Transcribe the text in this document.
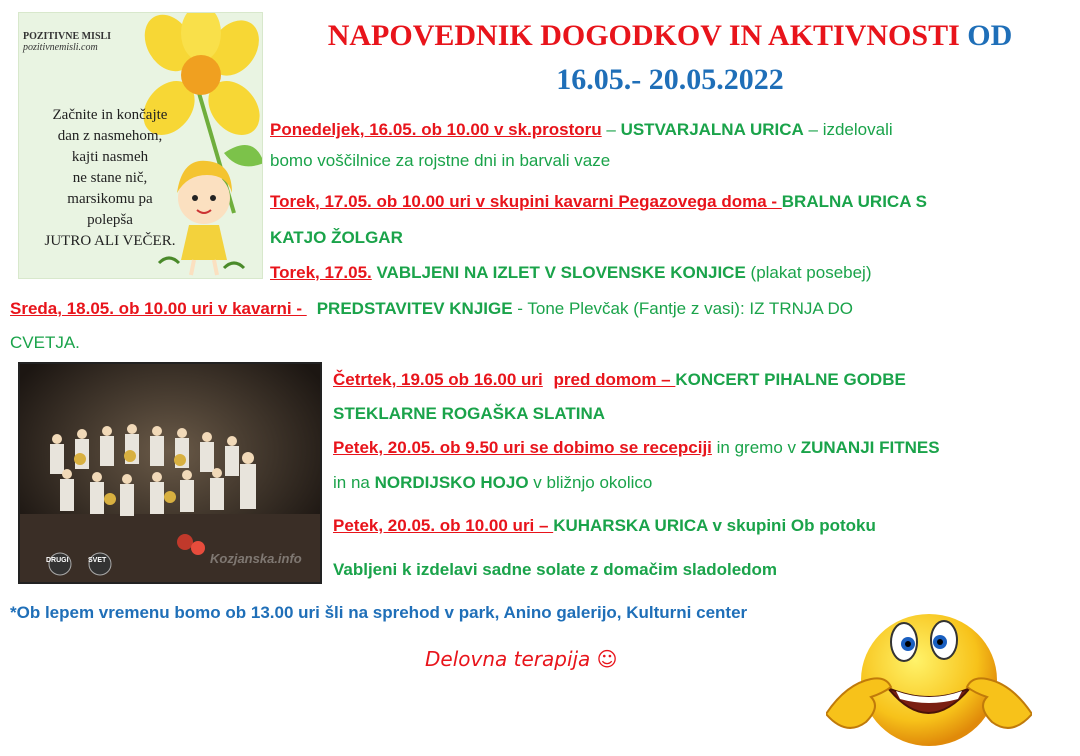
POZITIVNE MISLI
pozitivnemisli.com
Začnite in končajte
dan z nasmehom,
kajti nasmeh
ne stane nič,
marsikomu pa
polepša
JUTRO ALI VEČER.
NAPOVEDNIK DOGODKOV IN AKTIVNOSTI OD
16.05.- 20.05.2022
Ponedeljek, 16.05. ob 10.00 v sk.prostoru – USTVARJALNA URICA – izdelovali
bomo voščilnice za rojstne dni in barvali vaze
Torek, 17.05. ob 10.00 uri v skupini kavarni Pegazovega doma - BRALNA URICA S
KATJO ŽOLGAR
Torek, 17.05. VABLJENI NA IZLET V SLOVENSKE KONJICE (plakat posebej)
Sreda, 18.05. ob 10.00 uri v kavarni - PREDSTAVITEV KNJIGE - Tone Plevčak (Fantje z vasi): IZ TRNJA DO
CVETJA.
DRUGI	SVET	Kozjanska.info
Četrtek, 19.05 ob 16.00 uri pred domom – KONCERT PIHALNE GODBE
STEKLARNE ROGAŠKA SLATINA
Petek, 20.05. ob 9.50 uri se dobimo se recepciji in gremo v ZUNANJI FITNES
in na NORDIJSKO HOJO v bližnjo okolico
Petek, 20.05. ob 10.00 uri – KUHARSKA URICA v skupini Ob potoku
Vabljeni k izdelavi sadne solate z domačim sladoledom
*Ob lepem vremenu bomo ob 13.00 uri šli na sprehod v park, Anino galerijo, Kulturni center
Delovna terapija ☺
